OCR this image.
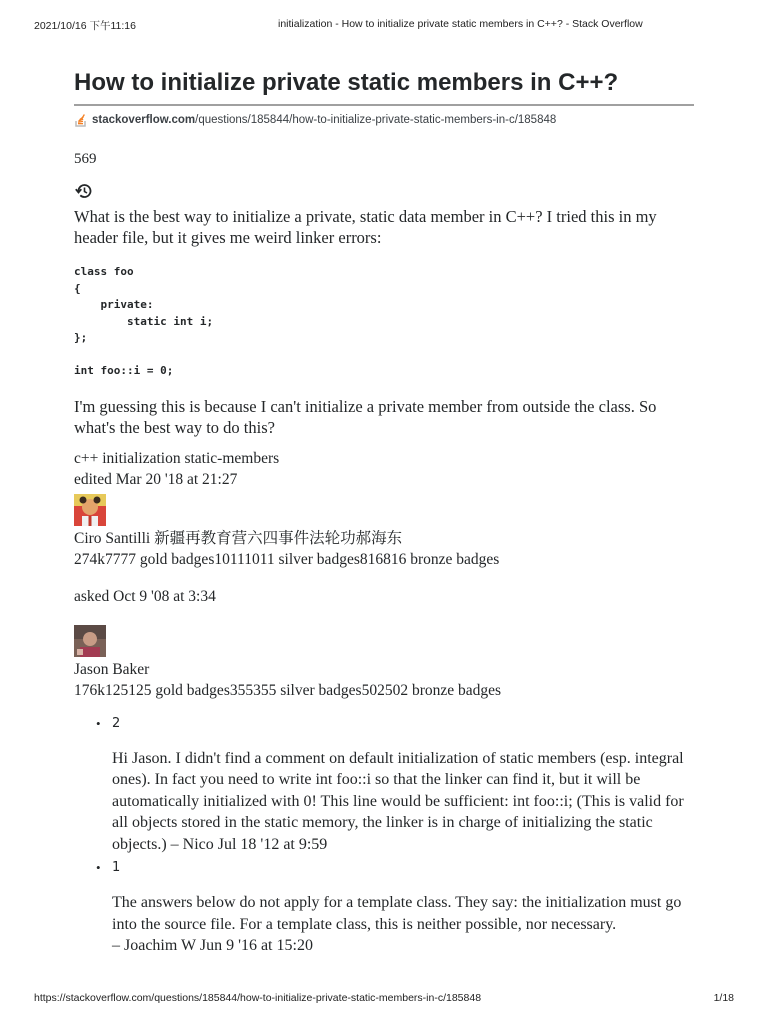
2021/10/16 下午11:16	initialization - How to initialize private static members in C++? - Stack Overflow
How to initialize private static members in C++?
stackoverflow.com/questions/185844/how-to-initialize-private-static-members-in-c/185848
569

What is the best way to initialize a private, static data member in C++? I tried this in my header file, but it gives me weird linker errors:

class foo
{
private:
static int i;
};
int foo::i = 0;

I'm guessing this is because I can't initialize a private member from outside the class. So what's the best way to do this?

c++ initialization static-members
edited Mar 20 '18 at 21:27
Ciro Santilli 新疆再教育营六四事件法轮功郝海东
274k7777 gold badges10111011 silver badges816816 bronze badges
asked Oct 9 '08 at 3:34
Jason Baker
176k125125 gold badges355355 silver badges502502 bronze badges
• 2
Hi Jason. I didn't find a comment on default initialization of static members (esp. integral ones). In fact you need to write int foo::i so that the linker can find it, but it will be automatically initialized with 0! This line would be sufficient: int foo::i; (This is valid for all objects stored in the static memory, the linker is in charge of initializing the static objects.) – Nico Jul 18 '12 at 9:59
• 1
The answers below do not apply for a template class. They say: the initialization must go into the source file. For a template class, this is neither possible, nor necessary.
– Joachim W Jun 9 '16 at 15:20
https://stackoverflow.com/questions/185844/how-to-initialize-private-static-members-in-c/185848	1/18
